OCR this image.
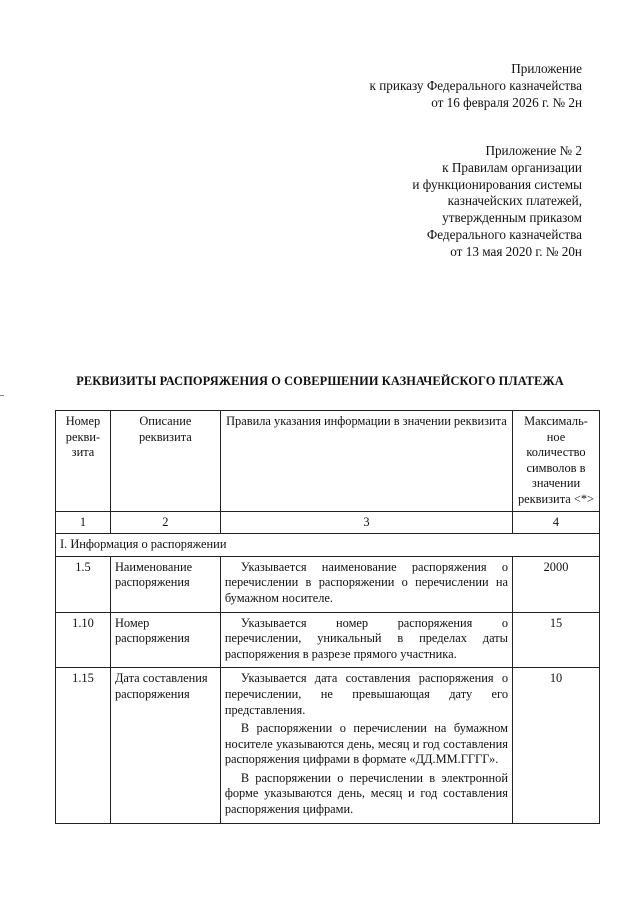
Приложение
к приказу Федерального казначейства
от 16 февраля 2026 г. № 2н
Приложение № 2
к Правилам организации
и функционирования системы
казначейских платежей,
утвержденным приказом
Федерального казначейства
от 13 мая 2020 г. № 20н
РЕКВИЗИТЫ РАСПОРЯЖЕНИЯ О СОВЕРШЕНИИ КАЗНАЧЕЙСКОГО ПЛАТЕЖА
Номер рекви- зита	Описание реквизита	Правила указания информации в значении реквизита	Максималь- ное количество символов в значении реквизита <*>
1	2	3	4
I. Информация о распоряжении			
1.5	Наименование распоряжения	Указывается наименование распоряжения о перечислении в распоряжении о перечислении на бумажном носителе.	2000
1.10	Номер распоряжения	Указывается номер распоряжения о перечислении, уникальный в пределах даты распоряжения в разрезе прямого участника.	15
1.15	Дата составления распоряжения	Указывается дата составления распоряжения о перечислении, не превышающая дату его представления.

В распоряжении о перечислении на бумажном носителе указываются день, месяц и год составления распоряжения цифрами в формате «ДД.ММ.ГГГГ».

В распоряжении о перечислении в электронной форме указываются день, месяц и год составления распоряжения цифрами.	10
